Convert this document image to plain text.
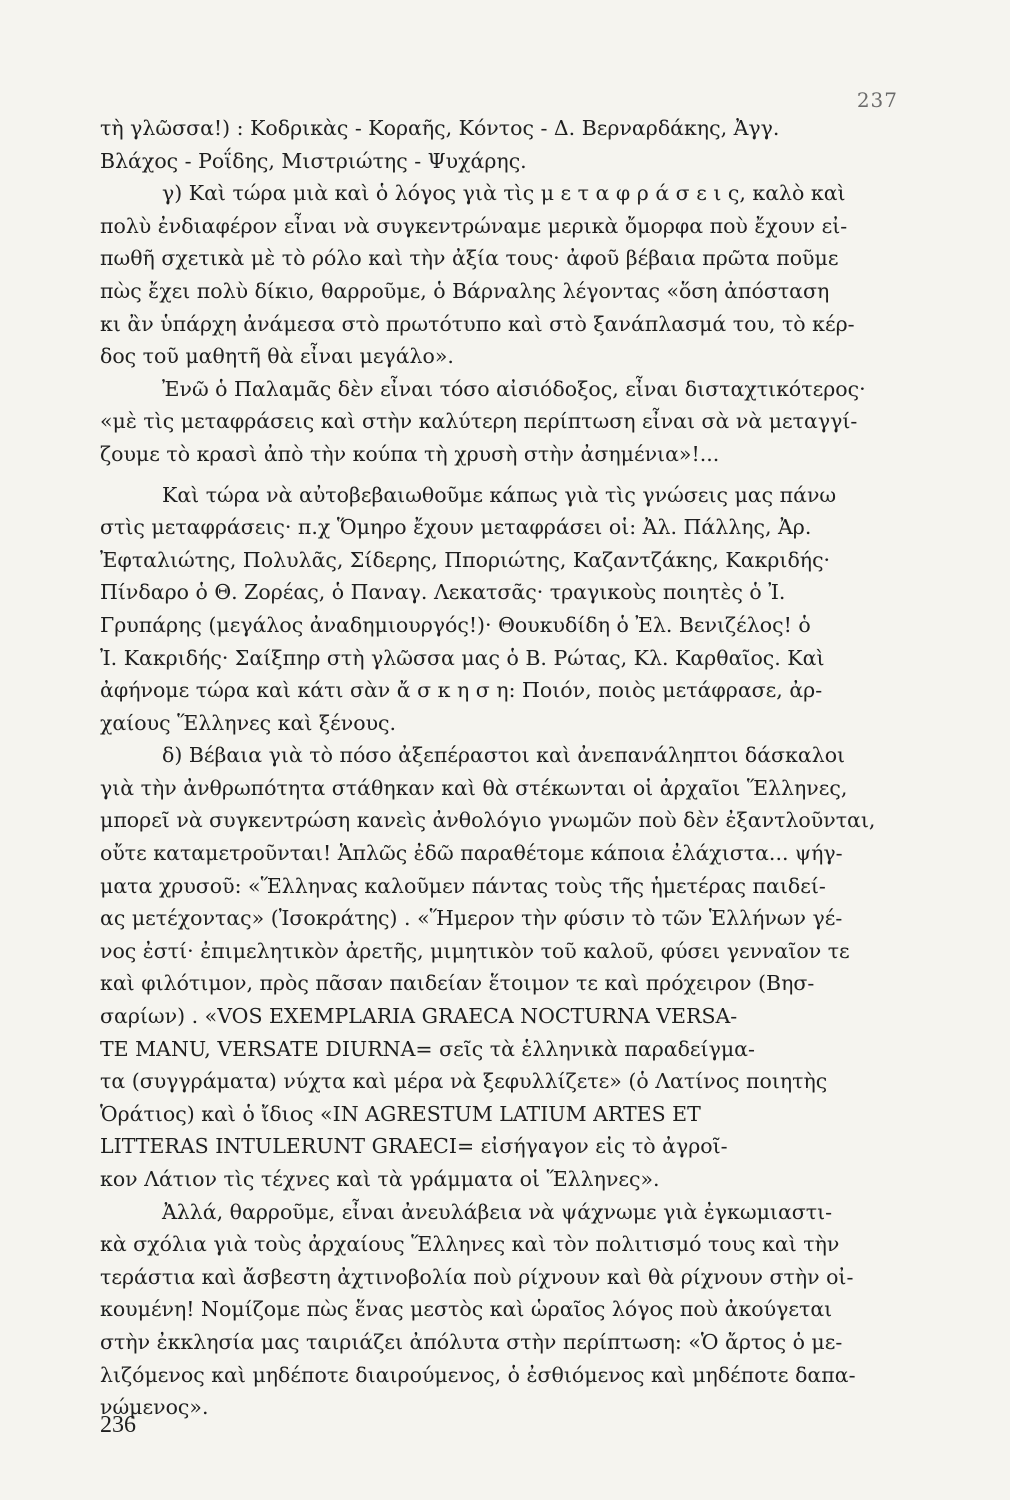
237

τὴ γλῶσσα!) : Κοδρικὰς - Κοραῆς, Κόντος - Δ. Βερναρδάκης, Ἀγγ.
Βλάχος - Ροΐδης, Μιστριώτης - Ψυχάρης.

γ) Καὶ τώρα μιὰ καὶ ὁ λόγος γιὰ τὶς μ ε τ α φ ρ ά σ ε ι ς, καλὸ καὶ
πολὺ ἐνδιαφέρον εἶναι νὰ συγκεντρώναμε μερικὰ ὄμορφα ποὺ ἔχουν εἰ-
πωθῆ σχετικὰ μὲ τὸ ρόλο καὶ τὴν ἀξία τους· ἀφοῦ βέβαια πρῶτα ποῦμε
πὼς ἔχει πολὺ δίκιο, θαρροῦμε, ὁ Βάρναλης λέγοντας «ὅση ἀπόσταση
κι ἂν ὑπάρχη ἀνάμεσα στὸ πρωτότυπο καὶ στὸ ξανάπλασμά του, τὸ κέρ-
δος τοῦ μαθητῆ θὰ εἶναι μεγάλο».

Ἐνῶ ὁ Παλαμᾶς δὲν εἶναι τόσο αἰσιόδοξος, εἶναι δισταχτικότερος·
«μὲ τὶς μεταφράσεις καὶ στὴν καλύτερη περίπτωση εἶναι σὰ νὰ μεταγγί-
ζουμε τὸ κρασὶ ἀπὸ τὴν κούπα τὴ χρυσὴ στὴν ἀσημένια»!...

Καὶ τώρα νὰ αὐτοβεβαιωθοῦμε κάπως γιὰ τὶς γνώσεις μας πάνω
στὶς μεταφράσεις· π.χ Ὅμηρο ἔχουν μεταφράσει οἱ: Ἀλ. Πάλλης, Ἀρ.
Ἐφταλιώτης, Πολυλᾶς, Σίδερης, Πποριώτης, Καζαντζάκης, Κακριδής·
Πίνδαρο ὁ Θ. Ζορέας, ὁ Παναγ. Λεκατσᾶς· τραγικοὺς ποιητὲς ὁ Ἰ.
Γρυπάρης (μεγάλος ἀναδημιουργός!)· Θουκυδίδη ὁ Ἐλ. Βενιζέλος! ὁ
Ἰ. Κακριδής· Σαίξπηρ στὴ γλῶσσα μας ὁ Β. Ρώτας, Κλ. Καρθαῖος. Καὶ
ἀφήνομε τώρα καὶ κάτι σὰν ἄ σ κ η σ η: Ποιόν, ποιὸς μετάφρασε, ἀρ-
χαίους Ἕλληνες καὶ ξένους.

δ) Βέβαια γιὰ τὸ πόσο ἀξεπέραστοι καὶ ἀνεπανάληπτοι δάσκαλοι
γιὰ τὴν ἀνθρωπότητα στάθηκαν καὶ θὰ στέκωνται οἱ ἀρχαῖοι Ἕλληνες,
μπορεῖ νὰ συγκεντρώση κανεὶς ἀνθολόγιο γνωμῶν ποὺ δὲν ἐξαντλοῦνται,
οὔτε καταμετροῦνται! Ἁπλῶς ἐδῶ παραθέτομε κάποια ἐλάχιστα... ψήγ-
ματα χρυσοῦ: «Ἕλληνας καλοῦμεν πάντας τοὺς τῆς ἡμετέρας παιδεί-
ας μετέχοντας» (Ἰσοκράτης) . «Ἥμερον τὴν φύσιν τὸ τῶν Ἑλλήνων γέ-
νος ἐστί· ἐπιμελητικὸν ἀρετῆς, μιμητικὸν τοῦ καλοῦ, φύσει γενναῖον τε
καὶ φιλότιμον, πρὸς πᾶσαν παιδείαν ἕτοιμον τε καὶ πρόχειρον (Βησ-
σαρίων) . «VOS EXEMPLARIA GRAECA NOCTURNA VERSA-
TE MANU, VERSATE DIURNA= σεῖς τὰ ἑλληνικὰ παραδείγμα-
τα (συγγράματα) νύχτα καὶ μέρα νὰ ξεφυλλίζετε» (ὁ Λατίνος ποιητὴς
Ὁράτιος) καὶ ὁ ἴδιος «IN AGRESTUM LATIUM ARTES ET
LITTERAS INTULERUNT GRAECI= εἰσήγαγον εἰς τὸ ἀγροῖ-
κον Λάτιον τὶς τέχνες καὶ τὰ γράμματα οἱ Ἕλληνες».

Ἀλλά, θαρροῦμε, εἶναι ἀνευλάβεια νὰ ψάχνωμε γιὰ ἐγκωμιαστι-
κὰ σχόλια γιὰ τοὺς ἀρχαίους Ἕλληνες καὶ τὸν πολιτισμό τους καὶ τὴν
τεράστια καὶ ἄσβεστη ἀχτινοβολία ποὺ ρίχνουν καὶ θὰ ρίχνουν στὴν οἰ-
κουμένη! Νομίζομε πὼς ἕνας μεστὸς καὶ ὡραῖος λόγος ποὺ ἀκούγεται
στὴν ἐκκλησία μας ταιριάζει ἀπόλυτα στὴν περίπτωση: «Ὁ ἄρτος ὁ με-
λιζόμενος καὶ μηδέποτε διαιρούμενος, ὁ ἐσθιόμενος καὶ μηδέποτε δαπα-
νώμενος».

236
